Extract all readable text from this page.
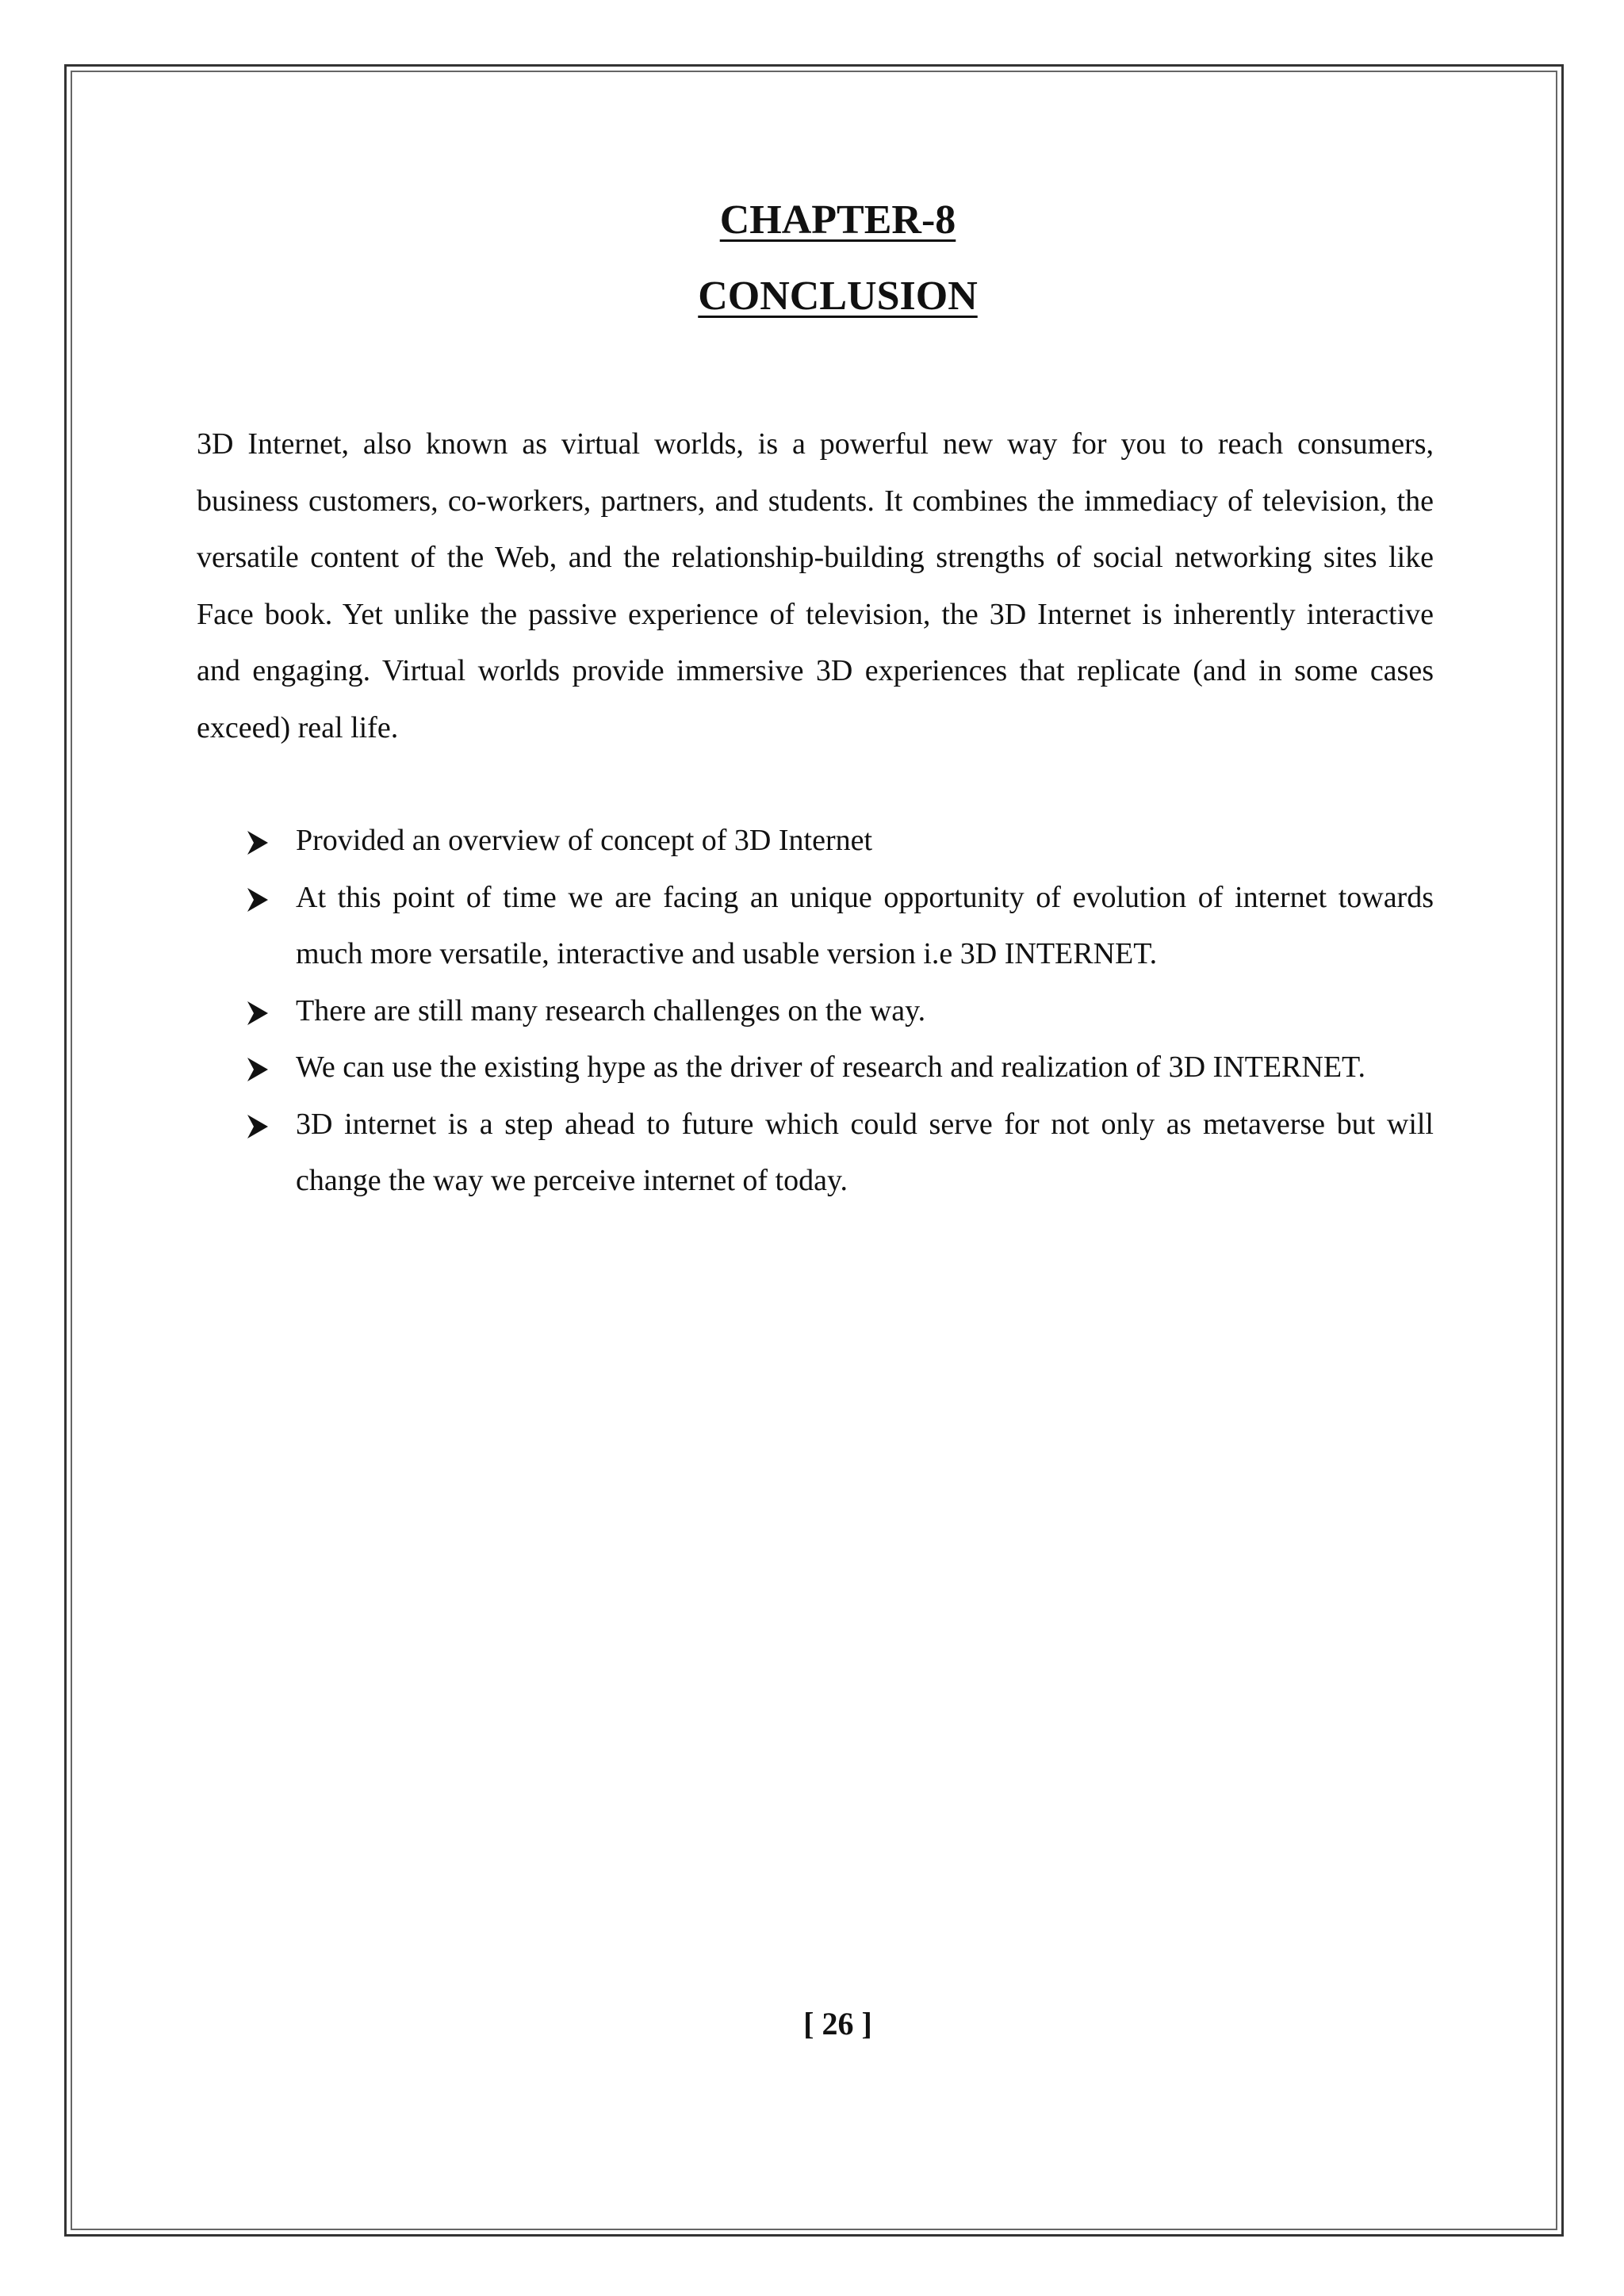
CHAPTER-8
CONCLUSION

3D Internet, also known as virtual worlds, is a powerful new way for you to reach consumers, business customers, co-workers, partners, and students. It combines the immediacy of television, the versatile content of the Web, and the relationship-building strengths of social networking sites like Face book. Yet unlike the passive experience of television, the 3D Internet is inherently interactive and engaging. Virtual worlds provide immersive 3D experiences that replicate (and in some cases exceed) real life.

Provided an overview of concept of 3D Internet
At this point of time we are facing an unique opportunity of evolution of internet towards much more versatile, interactive and usable version i.e 3D INTERNET.
There are still many research challenges on the way.
We can use the existing hype as the driver of research and realization of 3D INTERNET.
3D internet is a step ahead to future which could serve for not only as metaverse but will change the way we perceive internet of today.

[ 26 ]
